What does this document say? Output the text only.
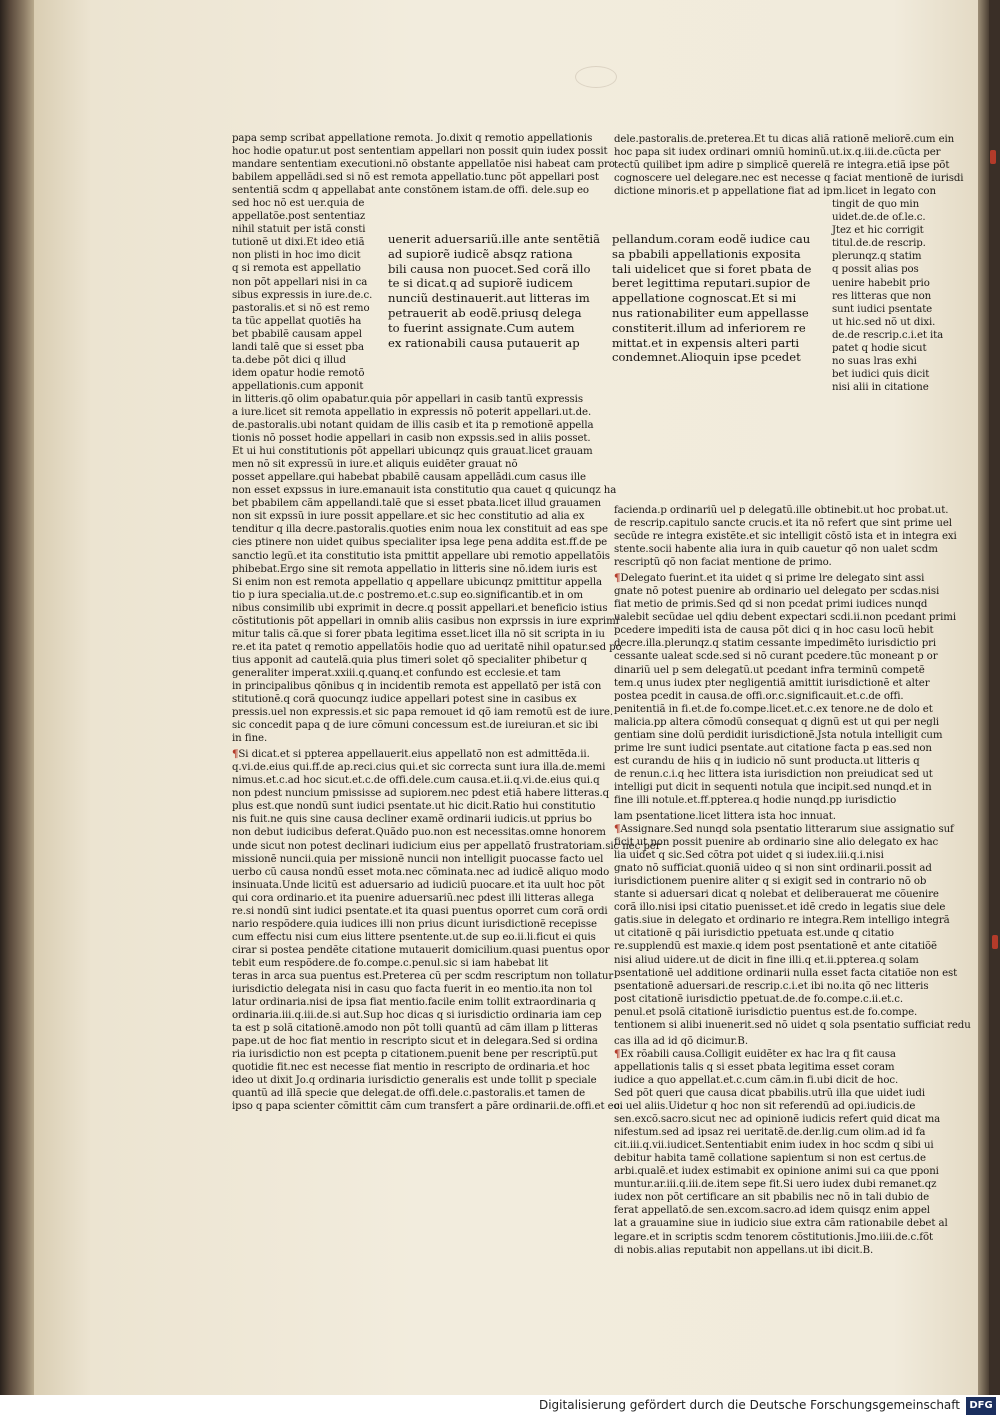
papa semp scribat appellatione remota. Jo.dixit q remotio appellationis
hoc hodie opatur.ut post sententiam appellari non possit quin iudex possit
mandare sententiam executioni.nõ obstante appellatõe nisi habeat cam pro
babilem appellãdi.sed si nõ est remota appellatio.tunc põt appellari post
sententiã scdm q appellabat ante constõnem istam.de offi. dele.sup eo
sed hoc nõ est uer.quia de
appellatõe.post sententiaz
nihil statuit per istã consti
tutionẽ ut dixi.Et ideo etiã
non plisti in hoc imo dicit
q si remota est appellatio
non põt appellari nisi in ca
sibus expressis in iure.de.c.
pastoralis.et si nõ est remo
ta tũc appellat quotiẽs ha
bet pbabilẽ causam appel
landi talẽ que si esset pba
ta.debe põt dici q illud
idem opatur hodie remotõ
appellationis.cum apponit
in litteris.qõ olim opabatur.quia põr appellari in casib tantũ expressis
a iure.licet sit remota appellatio in expressis nõ poterit appellari.ut.de.
de.pastoralis.ubi notant quidam de illis casib et ita p remotionẽ appella
tionis nõ posset hodie appellari in casib non expssis.sed in aliis posset.
Et ui hui constitutionis põt appellari ubicunqz quis grauat.licet grauam
men nõ sit expressũ in iure.et aliquis euidẽter grauat nõ
posset appellare.qui habebat pbabilẽ causam appellãdi.cum casus ille
non esset expssus in iure.emanauit ista constitutio qua cauet q quicunqz ha
bet pbabilem cãm appellandi.talẽ que si esset pbata.licet illud grauamen
non sit expssũ in iure possit appellare.et sic hec constitutio ad alia ex
tenditur q illa decre.pastoralis.quoties enim noua lex constituit ad eas spe
cies ptinere non uidet quibus specialiter ipsa lege pena addita est.ff.de pe
sanctio legũ.et ita constitutio ista pmittit appellare ubi remotio appellatõis
phibebat.Ergo sine sit remota appellatio in litteris sine nõ.idem iuris est
Si enim non est remota appellatio q appellare ubicunqz pmittitur appella
tio p iura specialia.ut.de.c postremo.et.c.sup eo.significantib.et in om
nibus consimilib ubi exprimit in decre.q possit appellari.et beneficio istius
cõstitutionis põt appellari in omnib aliis casibus non exprssis in iure exprimi
mitur talis cã.que si forer pbata legitima esset.licet illa nõ sit scripta in iu
re.et ita patet q remotio appellatõis hodie quo ad ueritatẽ nihil opatur.sed po
tius apponit ad cautelã.quia plus timeri solet qõ specialiter phibetur q
generaliter imperat.xxiii.q.quanq.et confundo est ecclesie.et tam
in principalibus qõnibus q in incidentib remota est appellatõ per istã con
stitutionẽ.q corã quocunqz iudice appellari potest sine in casibus ex
pressis.uel non expressis.et sic papa remouet id qõ iam remotũ est de iure.
sic concedit papa q de iure cõmuni concessum est.de iureiuran.et sic ibi
in fine.
¶Si dicat.et si ppterea appellauerit.eius appellatõ non est admittẽda.ii.
q.vi.de.eius qui.ff.de ap.reci.cius qui.et sic correcta sunt iura illa.de.memi
nimus.et.c.ad hoc sicut.et.c.de offi.dele.cum causa.et.ii.q.vi.de.eius qui.q
non pdest nuncium pmississe ad supiorem.nec pdest etiã habere litteras.q
plus est.que nondũ sunt iudici psentate.ut hic dicit.Ratio hui constitutio
nis fuit.ne quis sine causa decliner examẽ ordinarii iudicis.ut pprius bo
non debut iudicibus deferat.Quãdo puo.non est necessitas.omne honorem
unde sicut non potest declinari iudicium eius per appellatõ frustratoriam.sic nec per
missionẽ nuncii.quia per missionẽ nuncii non intelligit puocasse facto uel
uerbo cũ causa nondũ esset mota.nec cõminata.nec ad iudicẽ aliquo modo
insinuata.Unde licitũ est aduersario ad iudiciũ puocare.et ita uult hoc põt
qui cora ordinario.et ita puenire aduersariũ.nec pdest illi litteras allega
re.si nondũ sint iudici psentate.et ita quasi puentus oporret cum corã ordi
nario respõdere.quia iudices illi non prius dicunt iurisdictionẽ recepisse
cum effectu nisi cum eius littere psentente.ut.de sup eo.ii.li.ficut ei quis
cirar si postea pendẽte citatione mutauerit domicilium.quasi puentus opor
tebit eum respõdere.de fo.compe.c.penul.sic si iam habebat lit
teras in arca sua puentus est.Preterea cũ per scdm rescriptum non tollatur
iurisdictio delegata nisi in casu quo facta fuerit in eo mentio.ita non tol
latur ordinaria.nisi de ipsa fiat mentio.facile enim tollit extraordinaria q
ordinaria.iii.q.iii.de.si aut.Sup hoc dicas q si iurisdictio ordinaria iam cep
ta est p solã citationẽ.amodo non põt tolli quantũ ad cãm illam p litteras
pape.ut de hoc fiat mentio in rescripto sicut et in delegara.Sed si ordina
ria iurisdictio non est pcepta p citationem.puenit bene per rescriptũ.put
quotidie fit.nec est necesse fiat mentio in rescripto de ordinaria.et hoc
ideo ut dixit Jo.q ordinaria iurisdictio generalis est unde tollit p speciale
quantũ ad illã specie que delegat.de offi.dele.c.pastoralis.et tamen de
ipso q papa scienter cõmittit cãm cum transfert a pãre ordinarii.de.offi.et eo
dele.pastoralis.de.preterea.Et tu dicas aliã rationẽ meliorẽ.cum ein
hoc papa sit iudex ordinari omniũ hominũ.ut.ix.q.iii.de.cũcta per
tectũ quilibet ipm adire p simplicẽ querelã re integra.etiã ipse põt
cognoscere uel delegare.nec est necesse q faciat mentionẽ de iurisdi
dictione minoris.et p appellatione fiat ad ipm.licet in legato con
tingit de quo min
uidet.de.de of.le.c.
Jtez et hic corrigit
titul.de.de rescrip.
plerunqz.q statim
q possit alias pos
uenire habebit prio
res litteras que non
sunt iudici psentate
ut hic.sed nõ ut dixi.
de.de rescrip.c.i.et ita
patet q hodie sicut
no suas lras exhi
bet iudici quis dicit
nisi alii in citatione
facienda.p ordinariũ uel p delegatũ.ille obtinebit.ut hoc probat.ut.
de rescrip.capitulo sancte crucis.et ita nõ refert que sint prime uel
secũde re integra existẽte.et sic intelligit cõstõ ista et in integra exi
stente.socii habente alia iura in quib cauetur qõ non ualet scdm
rescriptũ qõ non faciat mentione de primo.
¶Delegato fuerint.et ita uidet q si prime lre delegato sint assi
gnate nõ potest puenire ab ordinario uel delegato per scdas.nisi
fiat metio de primis.Sed qd si non pcedat primi iudices nunqd
ualebit secũdae uel qdiu debent expectari scdi.ii.non pcedant primi
pcedere impediti ista de causa põt dici q in hoc casu locũ hebit
decre.illa.plerunqz.q statim cessante impedimẽto iurisdictio pri
cessante ualeat scde.sed si nõ curant pcedere.tũc moneant p or
dinariũ uel p sem delegatũ.ut pcedant infra terminũ competẽ
tem.q unus iudex pter negligentiã amittit iurisdictionẽ et alter
postea pcedit in causa.de offi.or.c.significauit.et.c.de offi.
penitentiã in fi.et.de fo.compe.licet.et.c.ex tenore.ne de dolo et
malicia.pp altera cõmodũ consequat q dignũ est ut qui per negli
gentiam sine dolũ perdidit iurisdictionẽ.Jsta notula intelligit cum
prime lre sunt iudici psentate.aut citatione facta p eas.sed non
est curandu de hiis q in iudicio nõ sunt producta.ut litteris q
de renun.c.i.q hec littera ista iurisdiction non preiudicat sed ut
intelligi put dicit in sequenti notula que incipit.sed nunqd.et in
fine illi notule.et.ff.ppterea.q hodie nunqd.pp iurisdictio
lam psentatione.licet littera ista hoc innuat.
¶Assignare.Sed nunqd sola psentatio litterarum siue assignatio suf
ficit ut non possit puenire ab ordinario sine alio delegato ex hac
lia uidet q sic.Sed cõtra pot uidet q si iudex.iii.q.i.nisi
gnato nõ sufficiat.quoniã uideo q si non sint ordinarii.possit ad
iurisdictionem puenire aliter q si exigit sed in contrario nõ ob
stante si aduersari dicat q nolebat et deliberauerat me cõuenire
corã illo.nisi ipsi citatio puenisset.et idẽ credo in legatis siue dele
gatis.siue in delegato et ordinario re integra.Rem intelligo integrã
ut citationẽ q pãi iurisdictio ppetuata est.unde q citatio
re.supplendũ est maxie.q idem post psentationẽ et ante citatiõẽ
nisi aliud uidere.ut de dicit in fine illi.q et.ii.ppterea.q solam
psentationẽ uel additione ordinarii nulla esset facta citatiõe non est
psentationẽ aduersari.de rescrip.c.i.et ibi no.ita qõ nec litteris
post citationẽ iurisdictio ppetuat.de.de fo.compe.c.ii.et.c.
penul.et psolã citationẽ iurisdictio puentus est.de fo.compe.
tentionem si alibi inuenerit.sed nõ uidet q sola psentatio sufficiat redu
cas illa ad id qõ dicimur.B.
¶Ex rõabili causa.Colligit euidẽter ex hac lra q fit causa
appellationis talis q si esset pbata legitima esset coram
iudice a quo appellat.et.c.cum cãm.in fi.ubi dicit de hoc.
Sed põt queri que causa dicat pbabilis.utrũ illa que uidet iudi
ci uel aliis.Uidetur q hoc non sit referendũ ad opi.iudicis.de
sen.excõ.sacro.sicut nec ad opinionẽ iudicis refert quid dicat ma
nifestum.sed ad ipsaz rei ueritatẽ.de.der.lig.cum olim.ad id fa
cit.iii.q.vii.iudicet.Sententiabit enim iudex in hoc scdm q sibi ui
debitur habita tamẽ collatione sapientum si non est certus.de
arbi.qualẽ.et iudex estimabit ex opinione animi sui ca que pponi
muntur.ar.iii.q.iii.de.item sepe fit.Si uero iudex dubi remanet.qz
iudex non põt certificare an sit pbabilis nec nõ in tali dubio de
ferat appellatõ.de sen.excom.sacro.ad idem quisqz enim appel
lat a grauamine siue in iudicio siue extra cãm rationabile debet al
legare.et in scriptis scdm tenorem cõstitutionis.Jmo.iiii.de.c.fõt
di nobis.alias reputabit non appellans.ut ibi dicit.B.
uenerit aduersariũ.ille ante sentẽtiã
ad supiorẽ iudicẽ absqz rationa
bili causa non puocet.Sed corã illo
te si dicat.q ad supiorẽ iudicem
nunciũ destinauerit.aut litteras im
petrauerit ab eodẽ.priusq delega
to fuerint assignate.Cum autem
ex rationabili causa putauerit ap
pellandum.coram eodẽ iudice cau
sa pbabili appellationis exposita
tali uidelicet que si foret pbata de
beret legittima reputari.supior de
appellatione cognoscat.Et si mi
nus rationabiliter eum appellasse
constiterit.illum ad inferiorem re
mittat.et in expensis alteri parti
condemnet.Alioquin ipse pcedet
Digitalisierung gefördert durch die Deutsche Forschungsgemeinschaft DFG
